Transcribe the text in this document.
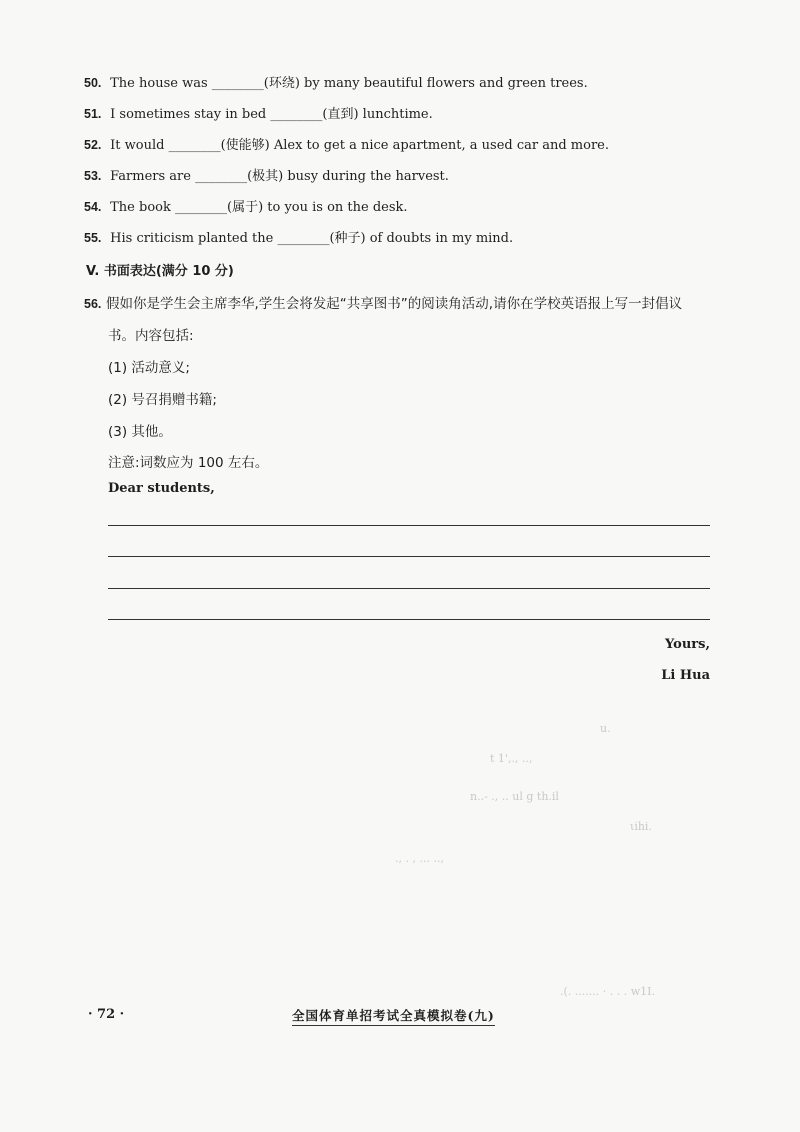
50. The house was ________(环绕) by many beautiful flowers and green trees.
51. I sometimes stay in bed ________(直到) lunchtime.
52. It would ________(使能够) Alex to get a nice apartment, a used car and more.
53. Farmers are ________(极其) busy during the harvest.
54. The book ________(属于) to you is on the desk.
55. His criticism planted the ________(种子) of doubts in my mind.
V. 书面表达(满分 10 分)
56. 假如你是学生会主席李华,学生会将发起“共享图书”的阅读角活动,请你在学校英语报上写一封倡议
书。内容包括:
(1) 活动意义;
(2) 号召捐赠书籍;
(3) 其他。
注意:词数应为 100 左右。
Dear students,
Yours,
Li Hua
u.
t 1',., ..,
n..- ., .. ul g th.il
ιihi.
., . , ... ..,
.(. ....... · . . . w1I.
· 72 ·	全国体育单招考试全真模拟卷(九)
